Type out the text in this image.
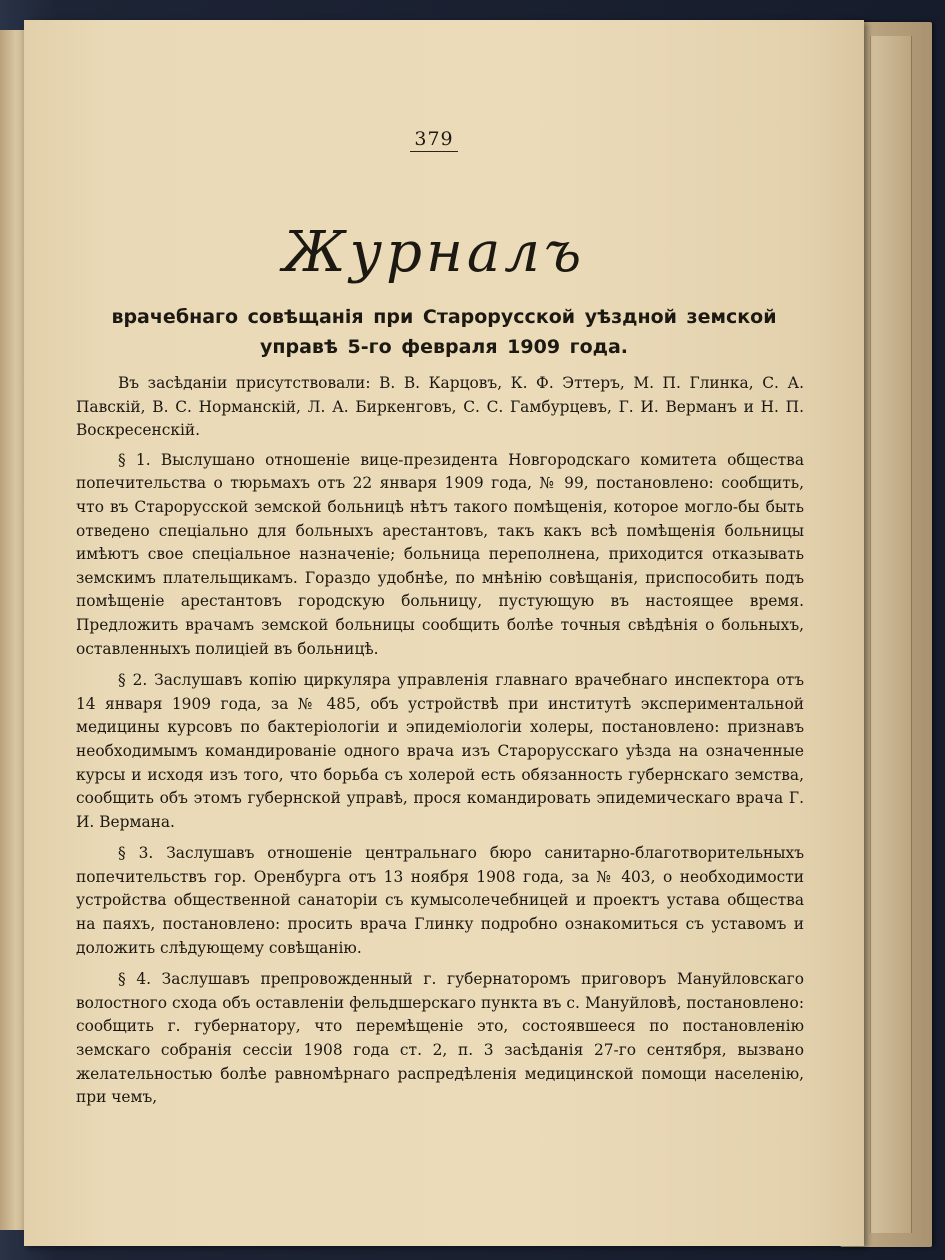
379
Журналъ
врачебнаго совѣщанія при Старорусской уѣздной земской
управѣ 5-го февраля 1909 года.

Въ засѣданіи присутствовали: В. В. Карцовъ, К. Ф. Эттеръ, М. П. Глинка, С. А. Павскій, В. С. Норманскій, Л. А. Биркенговъ, С. С. Гамбурцевъ, Г. И. Верманъ и Н. П. Воскресенскій.

§ 1. Выслушано отношеніе вице-президента Новгородскаго комитета общества попечительства о тюрьмахъ отъ 22 января 1909 года, № 99, постановлено: сообщить, что въ Старорусской земской больницѣ нѣтъ такого помѣщенія, которое могло-бы быть отведено спеціально для больныхъ арестантовъ, такъ какъ всѣ помѣщенія больницы имѣютъ свое спеціальное назначеніе; больница переполнена, приходится отказывать земскимъ плательщикамъ. Гораздо удобнѣе, по мнѣнію совѣщанія, приспособить подъ помѣщеніе арестантовъ городскую больницу, пустующую въ настоящее время. Предложить врачамъ земской больницы сообщить болѣе точныя свѣдѣнія о больныхъ, оставленныхъ полиціей въ больницѣ.

§ 2. Заслушавъ копію циркуляра управленія главнаго врачебнаго инспектора отъ 14 января 1909 года, за № 485, объ устройствѣ при институтѣ экспериментальной медицины курсовъ по бактеріологіи и эпидеміологіи холеры, постановлено: признавъ необходимымъ командированіе одного врача изъ Старорусскаго уѣзда на означенные курсы и исходя изъ того, что борьба съ холерой есть обязанность губернскаго земства, сообщить объ этомъ губернской управѣ, прося командировать эпидемическаго врача Г. И. Вермана.

§ 3. Заслушавъ отношеніе центральнаго бюро санитарно-благотворительныхъ попечительствъ гор. Оренбурга отъ 13 ноября 1908 года, за № 403, о необходимости устройства общественной санаторіи съ кумысолечебницей и проектъ устава общества на паяхъ, постановлено: просить врача Глинку подробно ознакомиться съ уставомъ и доложить слѣдующему совѣщанію.

§ 4. Заслушавъ препровожденный г. губернаторомъ приговоръ Мануйловскаго волостного схода объ оставленіи фельдшерскаго пункта въ с. Мануйловѣ, постановлено: сообщить г. губернатору, что перемѣщеніе это, состоявшееся по постановленію земскаго собранія сессіи 1908 года ст. 2, п. 3 засѣданія 27-го сентября, вызвано желательностью болѣе равномѣрнаго распредѣленія медицинской помощи населенію, при чемъ,
